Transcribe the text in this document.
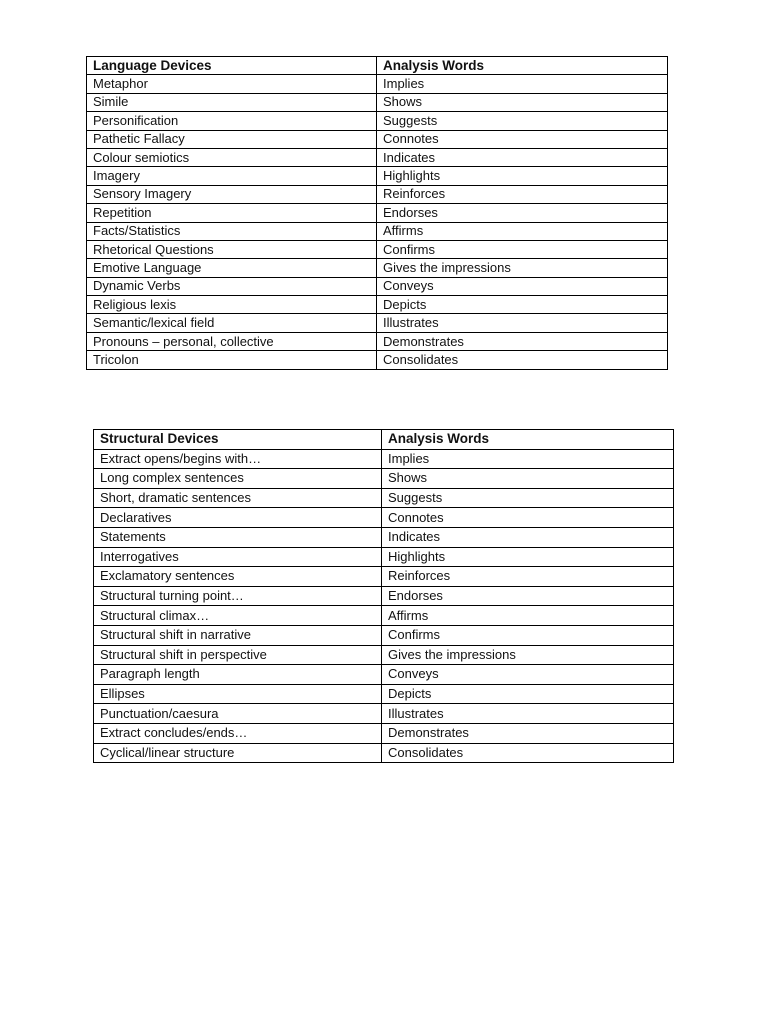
Language Devices	Analysis Words
Metaphor	Implies
Simile	Shows
Personification	Suggests
Pathetic Fallacy	Connotes
Colour semiotics	Indicates
Imagery	Highlights
Sensory Imagery	Reinforces
Repetition	Endorses
Facts/Statistics	Affirms
Rhetorical Questions	Confirms
Emotive Language	Gives the impressions
Dynamic Verbs	Conveys
Religious lexis	Depicts
Semantic/lexical field	Illustrates
Pronouns – personal, collective	Demonstrates
Tricolon	Consolidates
Structural Devices	Analysis Words
Extract opens/begins with…	Implies
Long complex sentences	Shows
Short, dramatic sentences	Suggests
Declaratives	Connotes
Statements	Indicates
Interrogatives	Highlights
Exclamatory sentences	Reinforces
Structural turning point…	Endorses
Structural climax…	Affirms
Structural shift in narrative	Confirms
Structural shift in perspective	Gives the impressions
Paragraph length	Conveys
Ellipses	Depicts
Punctuation/caesura	Illustrates
Extract concludes/ends…	Demonstrates
Cyclical/linear structure	Consolidates
